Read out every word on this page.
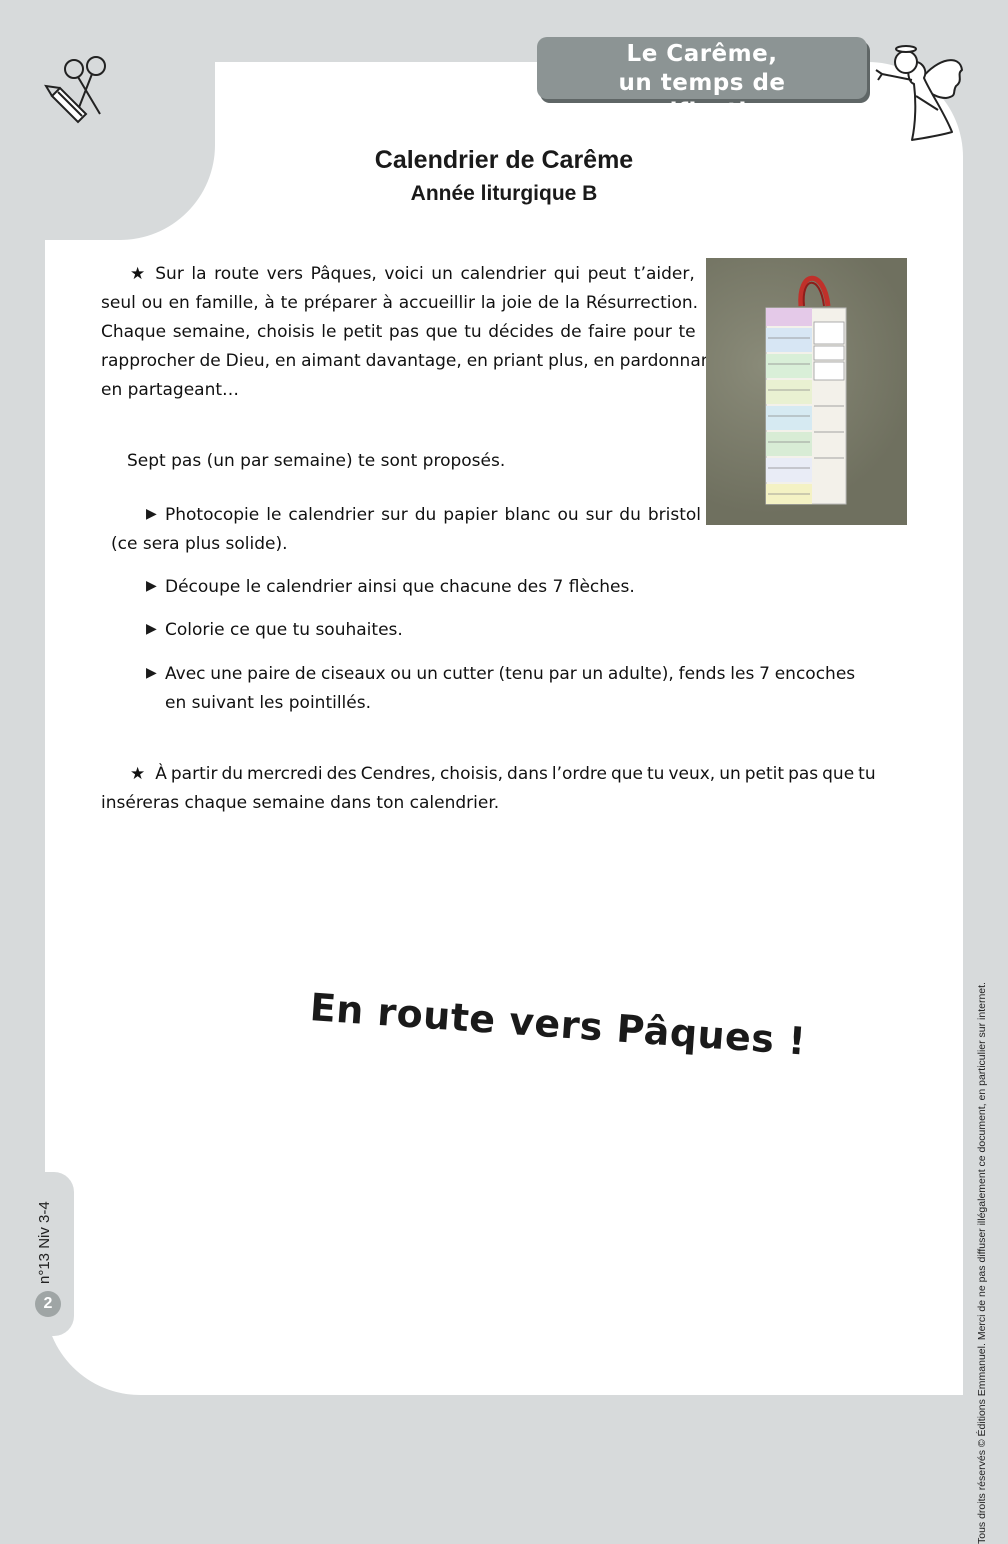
Le Carême,
un temps de purification
Calendrier de Carême
Année liturgique B
★ Sur la route vers Pâques, voici un calendrier qui peut t’aider,
seul ou en famille, à te préparer à accueillir la joie de la Résurrection.
Chaque semaine, choisis le petit pas que tu décides de faire pour te
rapprocher de Dieu, en aimant davantage, en priant plus, en pardonnant,
en partageant…
Sept pas (un par semaine) te sont proposés.
▶ Photocopie le calendrier sur du papier blanc ou sur du bristol
(ce sera plus solide).
▶ Découpe le calendrier ainsi que chacune des 7 flèches.
▶ Colorie ce que tu souhaites.
▶ Avec une paire de ciseaux ou un cutter (tenu par un adulte), fends les 7 encoches
en suivant les pointillés.
★ À partir du mercredi des Cendres, choisis, dans l’ordre que tu veux, un petit pas que tu
inséreras chaque semaine dans ton calendrier.
En route vers Pâques !
2
n°13 Niv 3-4	Tous droits réservés © Éditions Emmanuel. Merci de ne pas diffuser illégalement ce document, en particulier sur internet.
